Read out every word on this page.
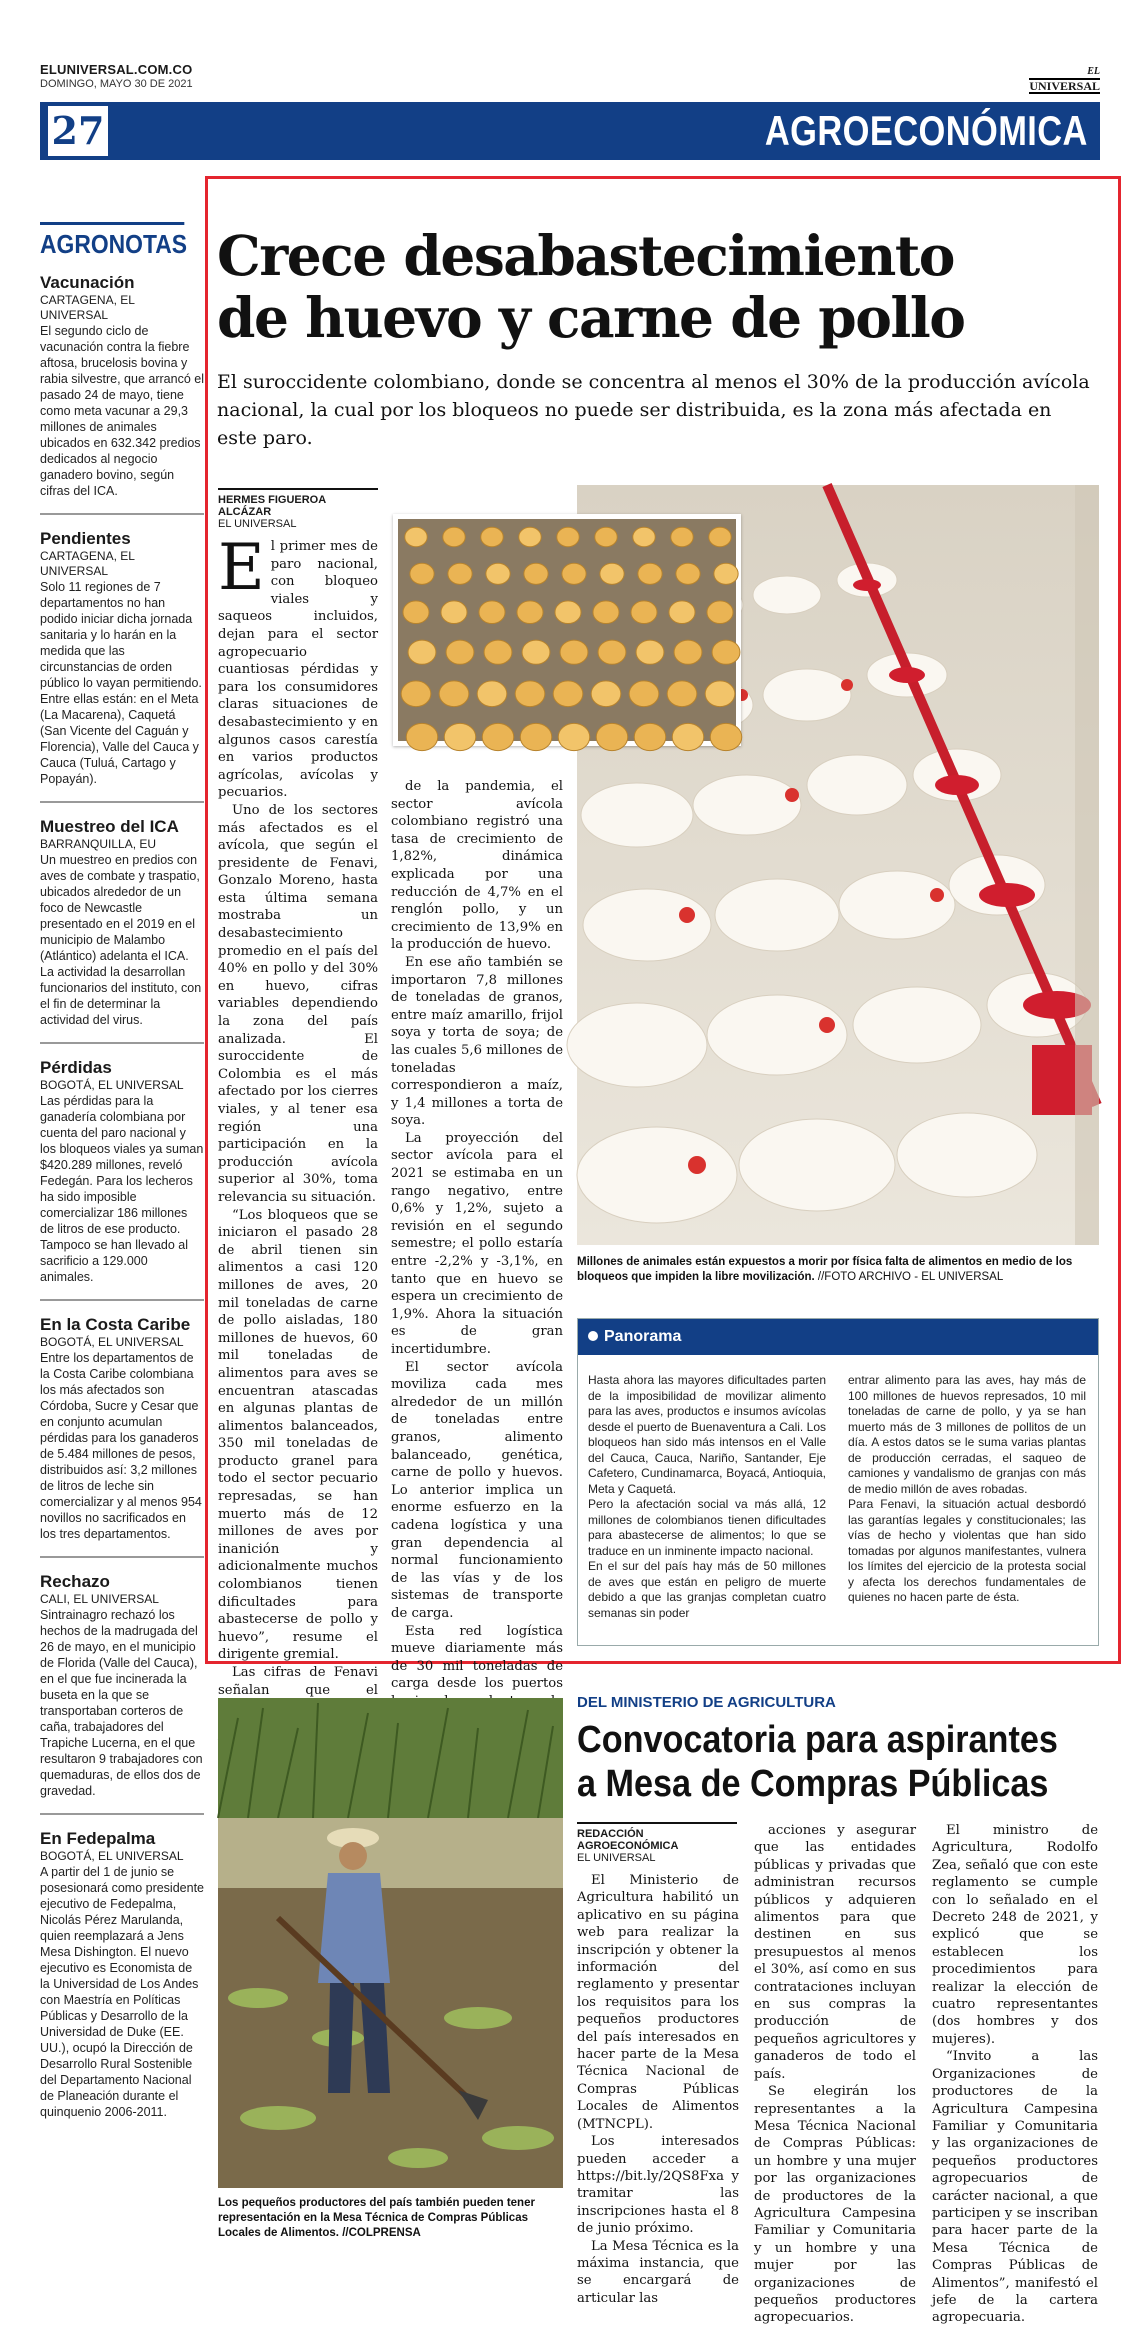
ELUNIVERSAL.COM.CO
DOMINGO, MAYO 30 DE 2021
EL
UNIVERSAL
27	AGROECONÓMICA
AGRONOTAS
Vacunación
CARTAGENA, EL UNIVERSAL

El segundo ciclo de vacunación contra la fiebre aftosa, brucelosis bovina y rabia silvestre, que arrancó el pasado 24 de mayo, tiene como meta vacunar a 29,3 millones de animales ubicados en 632.342 predios dedicados al negocio ganadero bovino, según cifras del ICA.

Pendientes
CARTAGENA, EL UNIVERSAL

Solo 11 regiones de 7 departamentos no han podido iniciar dicha jornada sanitaria y lo harán en la medida que las circunstancias de orden público lo vayan permitiendo. Entre ellas están: en el Meta (La Macarena), Caquetá (San Vicente del Caguán y Florencia), Valle del Cauca y Cauca (Tuluá, Cartago y Popayán).

Muestreo del ICA
BARRANQUILLA, EU

Un muestreo en predios con aves de combate y traspatio, ubicados alrededor de un foco de Newcastle presentado en el 2019 en el municipio de Malambo (Atlántico) adelanta el ICA. La actividad la desarrollan funcionarios del instituto, con el fin de determinar la actividad del virus.

Pérdidas
BOGOTÁ, EL UNIVERSAL

Las pérdidas para la ganadería colombiana por cuenta del paro nacional y los bloqueos viales ya suman $420.289 millones, reveló Fedegán. Para los lecheros ha sido imposible comercializar 186 millones de litros de ese producto. Tampoco se han llevado al sacrificio a 129.000 animales.

En la Costa Caribe
BOGOTÁ, EL UNIVERSAL

Entre los departamentos de la Costa Caribe colombiana los más afectados son Córdoba, Sucre y Cesar que en conjunto acumulan pérdidas para los ganaderos de 5.484 millones de pesos, distribuidos así: 3,2 millones de litros de leche sin comercializar y al menos 954 novillos no sacrificados en los tres departamentos.

Rechazo
CALI, EL UNIVERSAL

Sintrainagro rechazó los hechos de la madrugada del 26 de mayo, en el municipio de Florida (Valle del Cauca), en el que fue incinerada la buseta en la que se transportaban corteros de caña, trabajadores del Trapiche Lucerna, en el que resultaron 9 trabajadores con quemaduras, de ellos dos de gravedad.

En Fedepalma
BOGOTÁ, EL UNIVERSAL

A partir del 1 de junio se posesionará como presidente ejecutivo de Fedepalma, Nicolás Pérez Marulanda, quien reemplazará a Jens Mesa Dishington. El nuevo ejecutivo es Economista de la Universidad de Los Andes con Maestría en Políticas Públicas y Desarrollo de la Universidad de Duke (EE. UU.), ocupó la Dirección de Desarrollo Rural Sostenible del Departamento Nacional de Planeación durante el quinquenio 2006-2011.

Crece desabastecimiento
de huevo y carne de pollo

El suroccidente colombiano, donde se concentra al menos el 30% de la producción avícola nacional, la cual por los bloqueos no puede ser distribuida, es la zona más afectada en este paro.

HERMES FIGUEROA ALCÁZAR
EL UNIVERSAL

El primer mes de paro nacional, con bloqueo viales y saqueos incluidos, dejan para el sector agropecuario cuantiosas pérdidas y para los consumidores claras situaciones de desabastecimiento y en algunos casos carestía en varios productos agrícolas, avícolas y pecuarios.

Uno de los sectores más afectados es el avícola, que según el presidente de Fenavi, Gonzalo Moreno, hasta esta última semana mostraba un desabastecimiento promedio en el país del 40% en pollo y del 30% en huevo, cifras variables dependiendo la zona del país analizada. El suroccidente de Colombia es el más afectado por los cierres viales, y al tener esa región una participación en la producción avícola superior al 30%, toma relevancia su situación.

“Los bloqueos que se iniciaron el pasado 28 de abril tienen sin alimentos a casi 120 millones de aves, 20 mil toneladas de carne de pollo aisladas, 180 millones de huevos, 60 mil toneladas de alimentos para aves se encuentran atascadas en algunas plantas de alimentos balanceados, 350 mil toneladas de producto granel para todo el sector pecuario represadas, se han muerto más de 12 millones de aves por inanición y adicionalmente muchos colombianos tienen dificultades para abastecerse de pollo y huevo”, resume el dirigente gremial.

Las cifras de Fenavi señalan que el

de la pandemia, el sector avícola colombiano registró una tasa de crecimiento de 1,82%, dinámica explicada por una reducción de 4,7% en el renglón pollo, y un crecimiento de 13,9% en la producción de huevo.

En ese año también se importaron 7,8 millones de toneladas de granos, entre maíz amarillo, frijol soya y torta de soya; de las cuales 5,6 millones de toneladas correspondieron a maíz, y 1,4 millones a torta de soya.

La proyección del sector avícola para el 2021 se estimaba en un rango negativo, entre 0,6% y 1,2%, sujeto a revisión en el segundo semestre; el pollo estaría entre -2,2% y -3,1%, en tanto que en huevo se espera un crecimiento de 1,9%. Ahora la situación es de gran incertidumbre.

El sector avícola moviliza cada mes alrededor de un millón de toneladas entre granos, alimento balanceado, genética, carne de pollo y huevos. Lo anterior implica un enorme esfuerzo en la cadena logística y una gran dependencia al normal funcionamiento de las vías y de los sistemas de transporte de carga.

Esta red logística mueve diariamente más de 30 mil toneladas de carga desde los puertos

Millones de animales están expuestos a morir por física falta de alimentos en medio de los bloqueos que impiden la libre movilización. //FOTO ARCHIVO - EL UNIVERSAL
Panorama

Hasta ahora las mayores dificultades parten de la imposibilidad de movilizar alimento para las aves, productos e insumos avícolas desde el puerto de Buenaventura a Cali. Los bloqueos han sido más intensos en el Valle del Cauca, Cauca, Nariño, Santander, Eje Cafetero, Cundinamarca, Boyacá, Antioquia, Meta y Caquetá.

Pero la afectación social va más allá, 12 millones de colombianos tienen dificultades para abastecerse de alimentos; lo que se traduce en un inminente impacto nacional.

En el sur del país hay más de 50 millones de aves que están en peligro de muerte debido a que las granjas completan cuatro semanas sin poder

entrar alimento para las aves, hay más de 100 millones de huevos represados, 10 mil toneladas de carne de pollo, y ya se han muerto más de 3 millones de pollitos de un día. A estos datos se le suma varias plantas de producción cerradas, el saqueo de camiones y vandalismo de granjas con más de medio millón de aves robadas.

Para Fenavi, la situación actual desbordó las garantías legales y constitucionales; las vías de hecho y violentas que han sido tomadas por algunos manifestantes, vulnera los límites del ejercicio de la protesta social y afecta los derechos fundamentales de quienes no hacen parte de ésta.

Los pequeños productores del país también pueden tener representación en la Mesa Técnica de Compras Públicas Locales de Alimentos. //COLPRENSA
DEL MINISTERIO DE AGRICULTURA
Convocatoria para aspirantes
a Mesa de Compras Públicas
REDACCIÓN AGROECONÓMICA
EL UNIVERSAL

El Ministerio de Agricultura habilitó un aplicativo en su página web para realizar la inscripción y obtener la información del reglamento y presentar los requisitos para los pequeños productores del país interesados en hacer parte de la Mesa Técnica Nacional de Compras Públicas Locales de Alimentos (MTNCPL).

Los interesados pueden acceder a https://bit.ly/2QS8Fxa y tramitar las inscripciones hasta el 8 de junio próximo.

La Mesa Técnica es la máxima instancia, que se encargará de articular las

acciones y asegurar que las entidades públicas y privadas que administran recursos públicos y adquieren alimentos para que destinen en sus presupuestos al menos el 30%, así como en sus contrataciones incluyan en sus compras la producción de pequeños agricultores y ganaderos de todo el país.

Se elegirán los representantes a la Mesa Técnica Nacional de Compras Públicas: un hombre y una mujer por las organizaciones de productores de la Agricultura Campesina Familiar y Comunitaria y un hombre y una mujer por las organizaciones de pequeños productores agropecuarios.

El ministro de Agricultura, Rodolfo Zea, señaló que con este reglamento se cumple con lo señalado en el Decreto 248 de 2021, y explicó que se establecen los procedimientos para realizar la elección de cuatro representantes (dos hombres y dos mujeres).

“Invito a las Organizaciones de productores de la Agricultura Campesina Familiar y Comunitaria y las organizaciones de pequeños productores agropecuarios de carácter nacional, a que participen y se inscriban para hacer parte de la Mesa Técnica de Compras Públicas de Alimentos”, manifestó el jefe de la cartera agropecuaria.
